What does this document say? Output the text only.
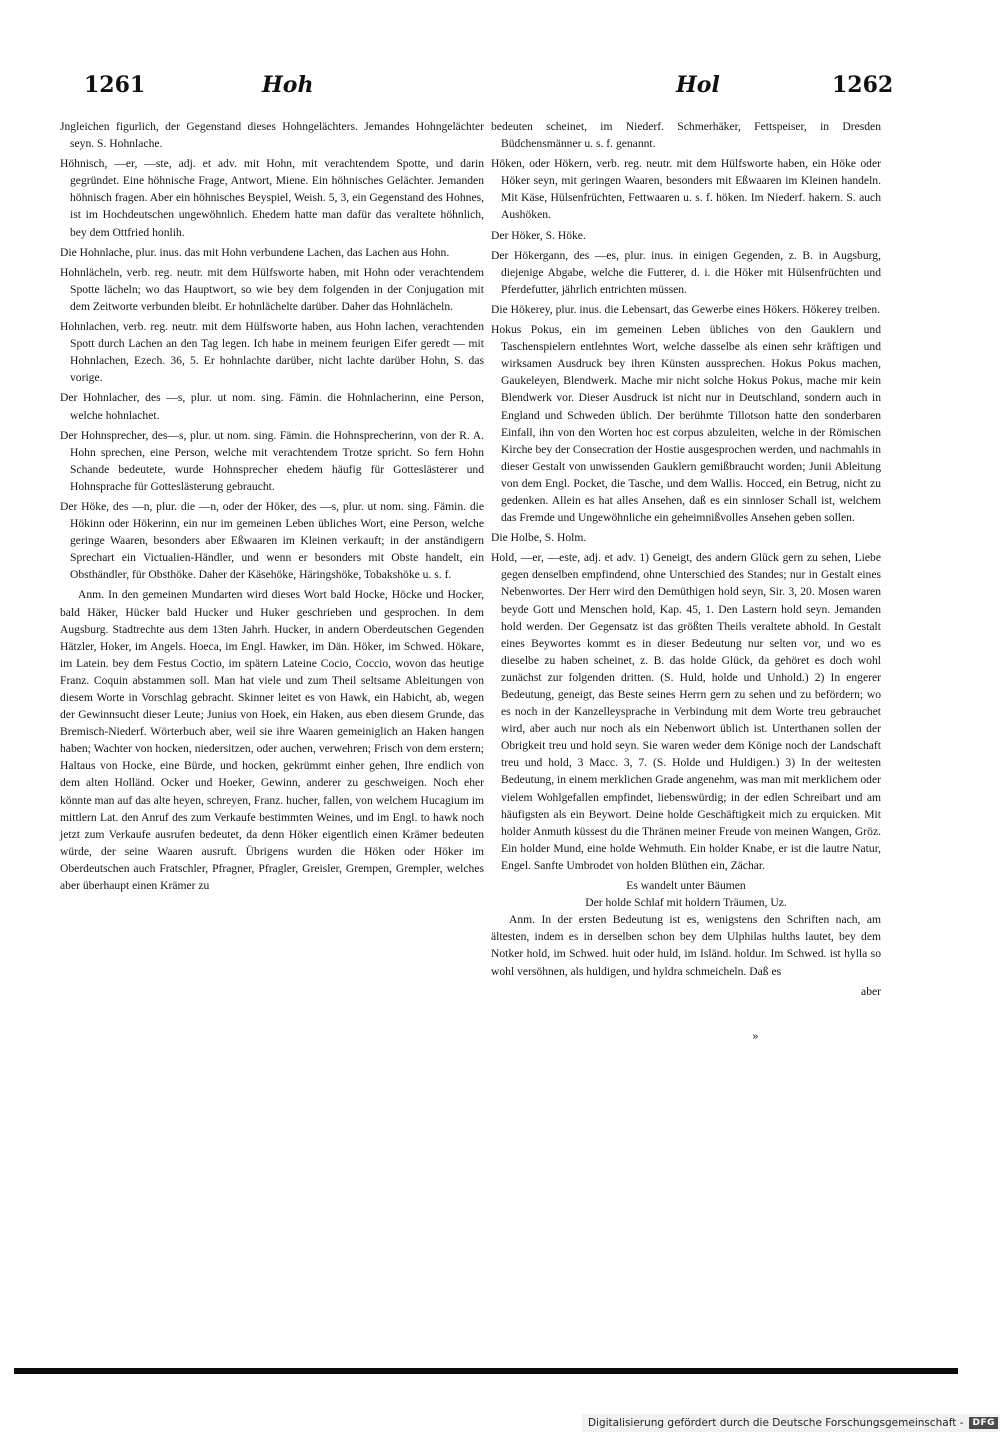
1261	Hoh	Hol	1262

Jngleichen figurlich, der Gegenstand dieses Hohngelächters. Jemandes Hohngelächter seyn. S. Hohnlache.

Höhnisch, —er, —ste, adj. et adv. mit Hohn, mit verachtendem Spotte, und darin gegründet. Eine höhnische Frage, Antwort, Miene. Ein höhnisches Gelächter. Jemanden höhnisch fragen. Aber ein höhnisches Beyspiel, Weish. 5, 3, ein Gegenstand des Hohnes, ist im Hochdeutschen ungewöhnlich. Ehedem hatte man dafür das veraltete höhnlich, bey dem Ottfried honlih.

Die Hohnlache, plur. inus. das mit Hohn verbundene Lachen, das Lachen aus Hohn.

Hohnlächeln, verb. reg. neutr. mit dem Hülfsworte haben, mit Hohn oder verachtendem Spotte lächeln; wo das Hauptwort, so wie bey dem folgenden in der Conjugation mit dem Zeitworte verbunden bleibt. Er hohnlächelte darüber. Daher das Hohnlächeln.

Hohnlachen, verb. reg. neutr. mit dem Hülfsworte haben, aus Hohn lachen, verachtenden Spott durch Lachen an den Tag legen. Ich habe in meinem feurigen Eifer geredt — mit Hohnlachen, Ezech. 36, 5. Er hohnlachte darüber, nicht lachte darüber Hohn, S. das vorige.

Der Hohnlacher, des —s, plur. ut nom. sing. Fämin. die Hohnlacherinn, eine Person, welche hohnlachet.

Der Hohnsprecher, des—s, plur. ut nom. sing. Fämin. die Hohnsprecherinn, von der R. A. Hohn sprechen, eine Person, welche mit verachtendem Trotze spricht. So fern Hohn Schande bedeutete, wurde Hohnsprecher ehedem häufig für Gotteslästerer und Hohnsprache für Gotteslästerung gebraucht.

Der Höke, des —n, plur. die —n, oder der Höker, des —s, plur. ut nom. sing. Fämin. die Hökinn oder Hökerinn, ein nur im gemeinen Leben übliches Wort, eine Person, welche geringe Waaren, besonders aber Eßwaaren im Kleinen verkauft; in der anständigern Sprechart ein Victualien-Händler, und wenn er besonders mit Obste handelt, ein Obsthändler, für Obsthöke. Daher der Käsehöke, Häringshöke, Tobakshöke u. s. f.

Anm. In den gemeinen Mundarten wird dieses Wort bald Hocke, Höcke und Hocker, bald Häker, Hücker bald Hucker und Huker geschrieben und gesprochen. In dem Augsburg. Stadtrechte aus dem 13ten Jahrh. Hucker, in andern Oberdeutschen Gegenden Hätzler, Hoker, im Angels. Hoeca, im Engl. Hawker, im Dän. Höker, im Schwed. Hökare, im Latein. bey dem Festus Coctio, im spätern Lateine Cocio, Coccio, wovon das heutige Franz. Coquin abstammen soll. Man hat viele und zum Theil seltsame Ableitungen von diesem Worte in Vorschlag gebracht. Skinner leitet es von Hawk, ein Habicht, ab, wegen der Gewinnsucht dieser Leute; Junius von Hoek, ein Haken, aus eben diesem Grunde, das Bremisch-Niederf. Wörterbuch aber, weil sie ihre Waaren gemeiniglich an Haken hangen haben; Wachter von hocken, niedersitzen, oder auchen, verwehren; Frisch von dem erstern; Haltaus von Hocke, eine Bürde, und hocken, gekrümmt einher gehen, Ihre endlich von dem alten Holländ. Ocker und Hoeker, Gewinn, anderer zu geschweigen. Noch eher könnte man auf das alte heyen, schreyen, Franz. hucher, fallen, von welchem Hucagium im mittlern Lat. den Anruf des zum Verkaufe bestimmten Weines, und im Engl. to hawk noch jetzt zum Verkaufe ausrufen bedeutet, da denn Höker eigentlich einen Krämer bedeuten würde, der seine Waaren ausruft. Übrigens wurden die Höken oder Höker im Oberdeutschen auch Fratschler, Pfragner, Pfragler, Greisler, Grempen, Grempler, welches aber überhaupt einen Krämer zu

bedeuten scheinet, im Niederf. Schmerhäker, Fettspeiser, in Dresden Büdchensmänner u. s. f. genannt.

Höken, oder Hökern, verb. reg. neutr. mit dem Hülfsworte haben, ein Höke oder Höker seyn, mit geringen Waaren, besonders mit Eßwaaren im Kleinen handeln. Mit Käse, Hülsenfrüchten, Fettwaaren u. s. f. höken. Im Niederf. hakern. S. auch Aushöken.

Der Höker, S. Höke.

Der Hökergann, des —es, plur. inus. in einigen Gegenden, z. B. in Augsburg, diejenige Abgabe, welche die Futterer, d. i. die Höker mit Hülsenfrüchten und Pferdefutter, jährlich entrichten müssen.

Die Hökerey, plur. inus. die Lebensart, das Gewerbe eines Hökers. Hökerey treiben.

Hokus Pokus, ein im gemeinen Leben übliches von den Gauklern und Taschenspielern entlehntes Wort, welche dasselbe als einen sehr kräftigen und wirksamen Ausdruck bey ihren Künsten aussprechen. Hokus Pokus machen, Gaukeleyen, Blendwerk. Mache mir nicht solche Hokus Pokus, mache mir kein Blendwerk vor. Dieser Ausdruck ist nicht nur in Deutschland, sondern auch in England und Schweden üblich. Der berühmte Tillotson hatte den sonderbaren Einfall, ihn von den Worten hoc est corpus abzuleiten, welche in der Römischen Kirche bey der Consecration der Hostie ausgesprochen werden, und nachmahls in dieser Gestalt von unwissenden Gauklern gemißbraucht worden; Junii Ableitung von dem Engl. Pocket, die Tasche, und dem Wallis. Hocced, ein Betrug, nicht zu gedenken. Allein es hat alles Ansehen, daß es ein sinnloser Schall ist, welchem das Fremde und Ungewöhnliche ein geheimnißvolles Ansehen geben sollen.

Die Holbe, S. Holm.

Hold, —er, —este, adj. et adv. 1) Geneigt, des andern Glück gern zu sehen, Liebe gegen denselben empfindend, ohne Unterschied des Standes; nur in Gestalt eines Nebenwortes. Der Herr wird den Demüthigen hold seyn, Sir. 3, 20. Mosen waren beyde Gott und Menschen hold, Kap. 45, 1. Den Lastern hold seyn. Jemanden hold werden. Der Gegensatz ist das größten Theils veraltete abhold. In Gestalt eines Beywortes kommt es in dieser Bedeutung nur selten vor, und wo es dieselbe zu haben scheinet, z. B. das holde Glück, da gehöret es doch wohl zunächst zur folgenden dritten. (S. Huld, holde und Unhold.) 2) In engerer Bedeutung, geneigt, das Beste seines Herrn gern zu sehen und zu befördern; wo es noch in der Kanzelleysprache in Verbindung mit dem Worte treu gebrauchet wird, aber auch nur noch als ein Nebenwort üblich ist. Unterthanen sollen der Obrigkeit treu und hold seyn. Sie waren weder dem Könige noch der Landschaft treu und hold, 3 Macc. 3, 7. (S. Holde und Huldigen.) 3) In der weitesten Bedeutung, in einem merklichen Grade angenehm, was man mit merklichem oder vielem Wohlgefallen empfindet, liebenswürdig; in der edlen Schreibart und am häufigsten als ein Beywort. Deine holde Geschäftigkeit mich zu erquicken. Mit holder Anmuth küssest du die Thränen meiner Freude von meinen Wangen, Gröz. Ein holder Mund, eine holde Wehmuth. Ein holder Knabe, er ist die lautre Natur, Engel. Sanfte Umbrodet von holden Blüthen ein, Zächar.

Es wandelt unter Bäumen

Der holde Schlaf mit holdern Träumen, Uz.

Anm. In der ersten Bedeutung ist es, wenigstens den Schriften nach, am ältesten, indem es in derselben schon bey dem Ulphilas hulths lautet, bey dem Notker hold, im Schwed. huit oder huld, im Isländ. holdur. Im Schwed. ist hylla so wohl versöhnen, als huldigen, und hyldra schmeicheln. Daß es

aber

»
Digitalisierung gefördert durch die Deutsche Forschungsgemeinschaft -	DFG
